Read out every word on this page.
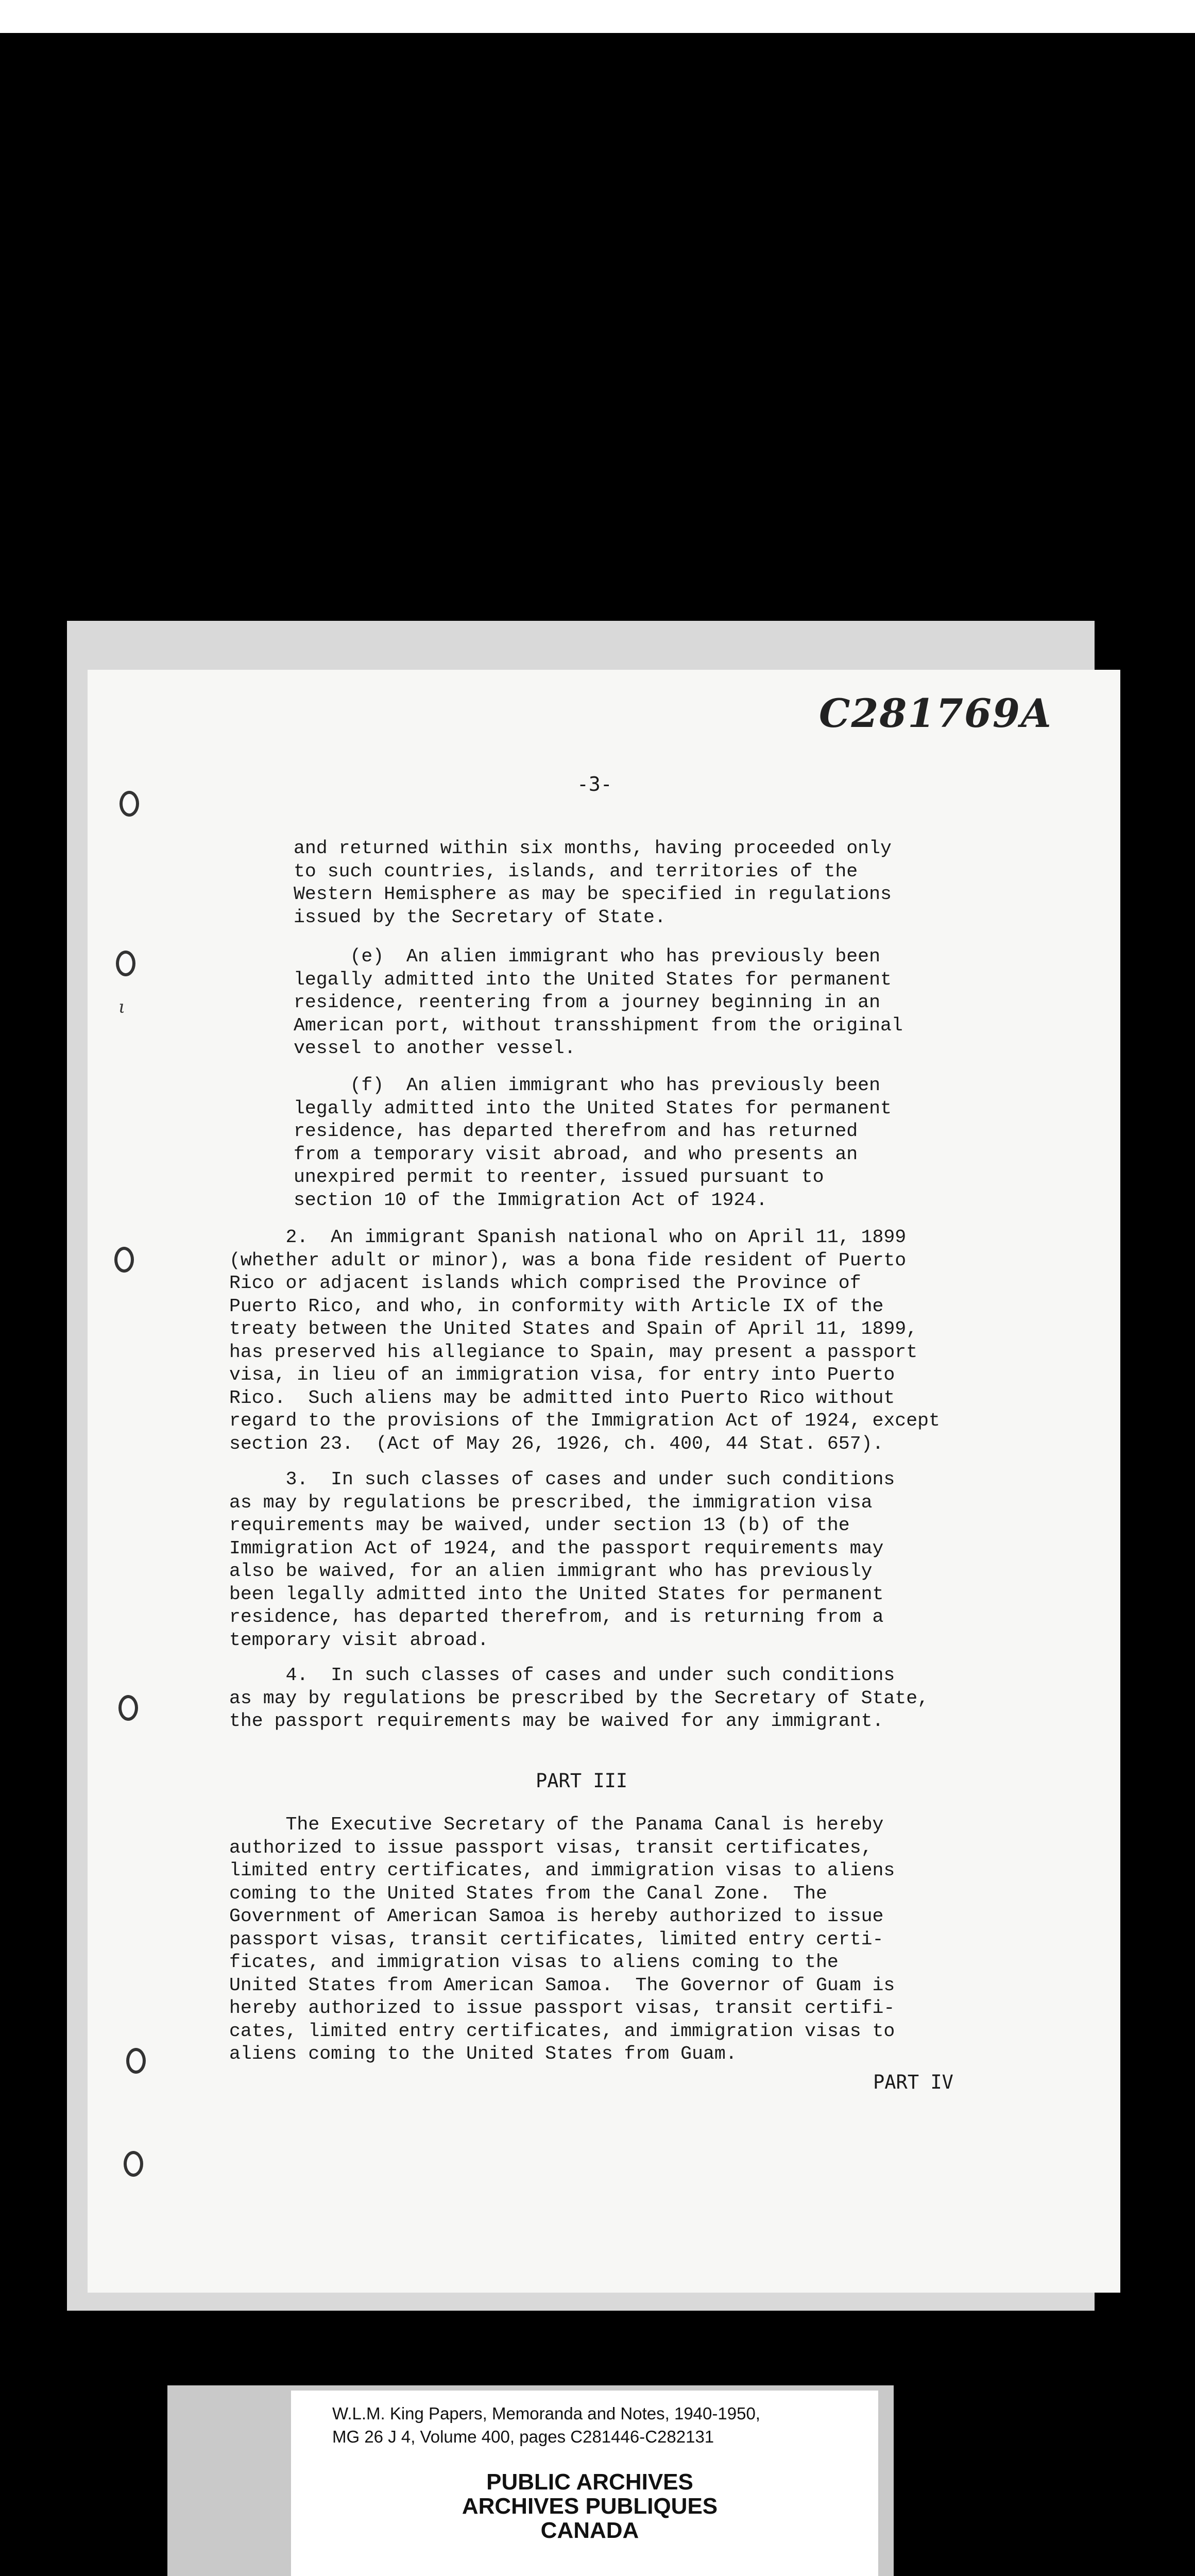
C281769A
-3-
ι
and returned within six months, having proceeded only
to such countries, islands, and territories of the
Western Hemisphere as may be specified in regulations
issued by the Secretary of State.
(e)  An alien immigrant who has previously been
legally admitted into the United States for permanent
residence, reentering from a journey beginning in an
American port, without transshipment from the original
vessel to another vessel.
(f)  An alien immigrant who has previously been
legally admitted into the United States for permanent
residence, has departed therefrom and has returned
from a temporary visit abroad, and who presents an
unexpired permit to reenter, issued pursuant to
section 10 of the Immigration Act of 1924.
2.  An immigrant Spanish national who on April 11, 1899
(whether adult or minor), was a bona fide resident of Puerto
Rico or adjacent islands which comprised the Province of
Puerto Rico, and who, in conformity with Article IX of the
treaty between the United States and Spain of April 11, 1899,
has preserved his allegiance to Spain, may present a passport
visa, in lieu of an immigration visa, for entry into Puerto
Rico.  Such aliens may be admitted into Puerto Rico without
regard to the provisions of the Immigration Act of 1924, except
section 23.  (Act of May 26, 1926, ch. 400, 44 Stat. 657).
3.  In such classes of cases and under such conditions
as may by regulations be prescribed, the immigration visa
requirements may be waived, under section 13 (b) of the
Immigration Act of 1924, and the passport requirements may
also be waived, for an alien immigrant who has previously
been legally admitted into the United States for permanent
residence, has departed therefrom, and is returning from a
temporary visit abroad.
4.  In such classes of cases and under such conditions
as may by regulations be prescribed by the Secretary of State,
the passport requirements may be waived for any immigrant.
PART III
The Executive Secretary of the Panama Canal is hereby
authorized to issue passport visas, transit certificates,
limited entry certificates, and immigration visas to aliens
coming to the United States from the Canal Zone.  The
Government of American Samoa is hereby authorized to issue
passport visas, transit certificates, limited entry certi-
ficates, and immigration visas to aliens coming to the
United States from American Samoa.  The Governor of Guam is
hereby authorized to issue passport visas, transit certifi-
cates, limited entry certificates, and immigration visas to
aliens coming to the United States from Guam.
PART IV

W.L.M. King Papers, Memoranda and Notes, 1940-1950,

MG 26 J 4, Volume 400, pages C281446-C282131

PUBLIC ARCHIVES

ARCHIVES PUBLIQUES

CANADA
